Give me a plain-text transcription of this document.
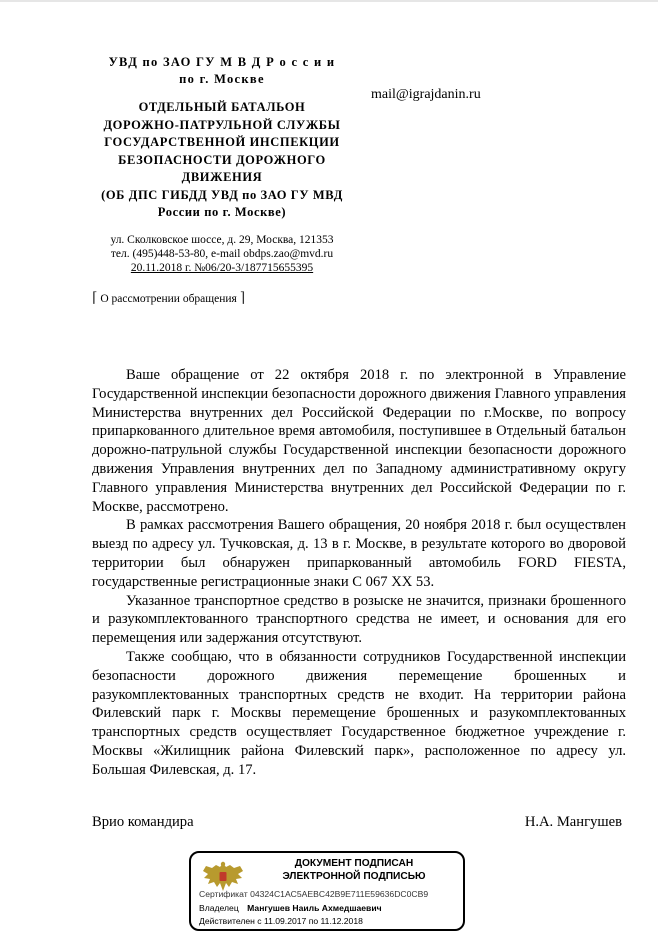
УВД по ЗАО ГУ М В Д Р о с с и и
по г. Москве
ОТДЕЛЬНЫЙ БАТАЛЬОН
ДОРОЖНО-ПАТРУЛЬНОЙ СЛУЖБЫ
ГОСУДАРСТВЕННОЙ ИНСПЕКЦИИ
БЕЗОПАСНОСТИ ДОРОЖНОГО
ДВИЖЕНИЯ
(ОБ ДПС ГИБДД УВД по ЗАО ГУ МВД
России по г. Москве)
ул. Сколковское шоссе, д. 29, Москва, 121353
тел. (495)448-53-80, e-mail obdps.zao@mvd.ru
20.11.2018 г. №06/20-3/187715655395
mail@igrajdanin.ru
⌈ О рассмотрении обращения ⌉

Ваше обращение от 22 октября 2018 г. по электронной в Управление Государственной инспекции безопасности дорожного движения Главного управления Министерства внутренних дел Российской Федерации по г.Москве, по вопросу припаркованного длительное время автомобиля, поступившее в Отдельный батальон дорожно-патрульной службы Государственной инспекции безопасности дорожного движения Управления внутренних дел по Западному административному округу Главного управления Министерства внутренних дел Российской Федерации по г. Москве, рассмотрено.

В рамках рассмотрения Вашего обращения, 20 ноября 2018 г. был осуществлен выезд по адресу ул. Тучковская, д. 13 в г. Москве, в результате которого во дворовой территории был обнаружен припаркованный автомобиль FORD FIESTA, государственные регистрационные знаки С 067 ХХ 53.

Указанное транспортное средство в розыске не значится, признаки брошенного и разукомплектованного транспортного средства не имеет, и основания для его перемещения или задержания отсутствуют.

Также сообщаю, что в обязанности сотрудников Государственной инспекции безопасности дорожного движения перемещение брошенных и разукомплектованных транспортных средств не входит. На территории района Филевский парк г. Москвы перемещение брошенных и разукомплектованных транспортных средств осуществляет Государственное бюджетное учреждение г. Москвы «Жилищник района Филевский парк», расположенное по адресу ул. Большая Филевская, д. 17.

Врио командира	Н.А. Мангушев
ДОКУМЕНТ ПОДПИСАН
ЭЛЕКТРОННОЙ ПОДПИСЬЮ
Сертификат 04324C1AC5AEBC42B9E711E59636DC0CB9
Владелец Мангушев Наиль Ахмедшаевич
Действителен с 11.09.2017 по 11.12.2018
